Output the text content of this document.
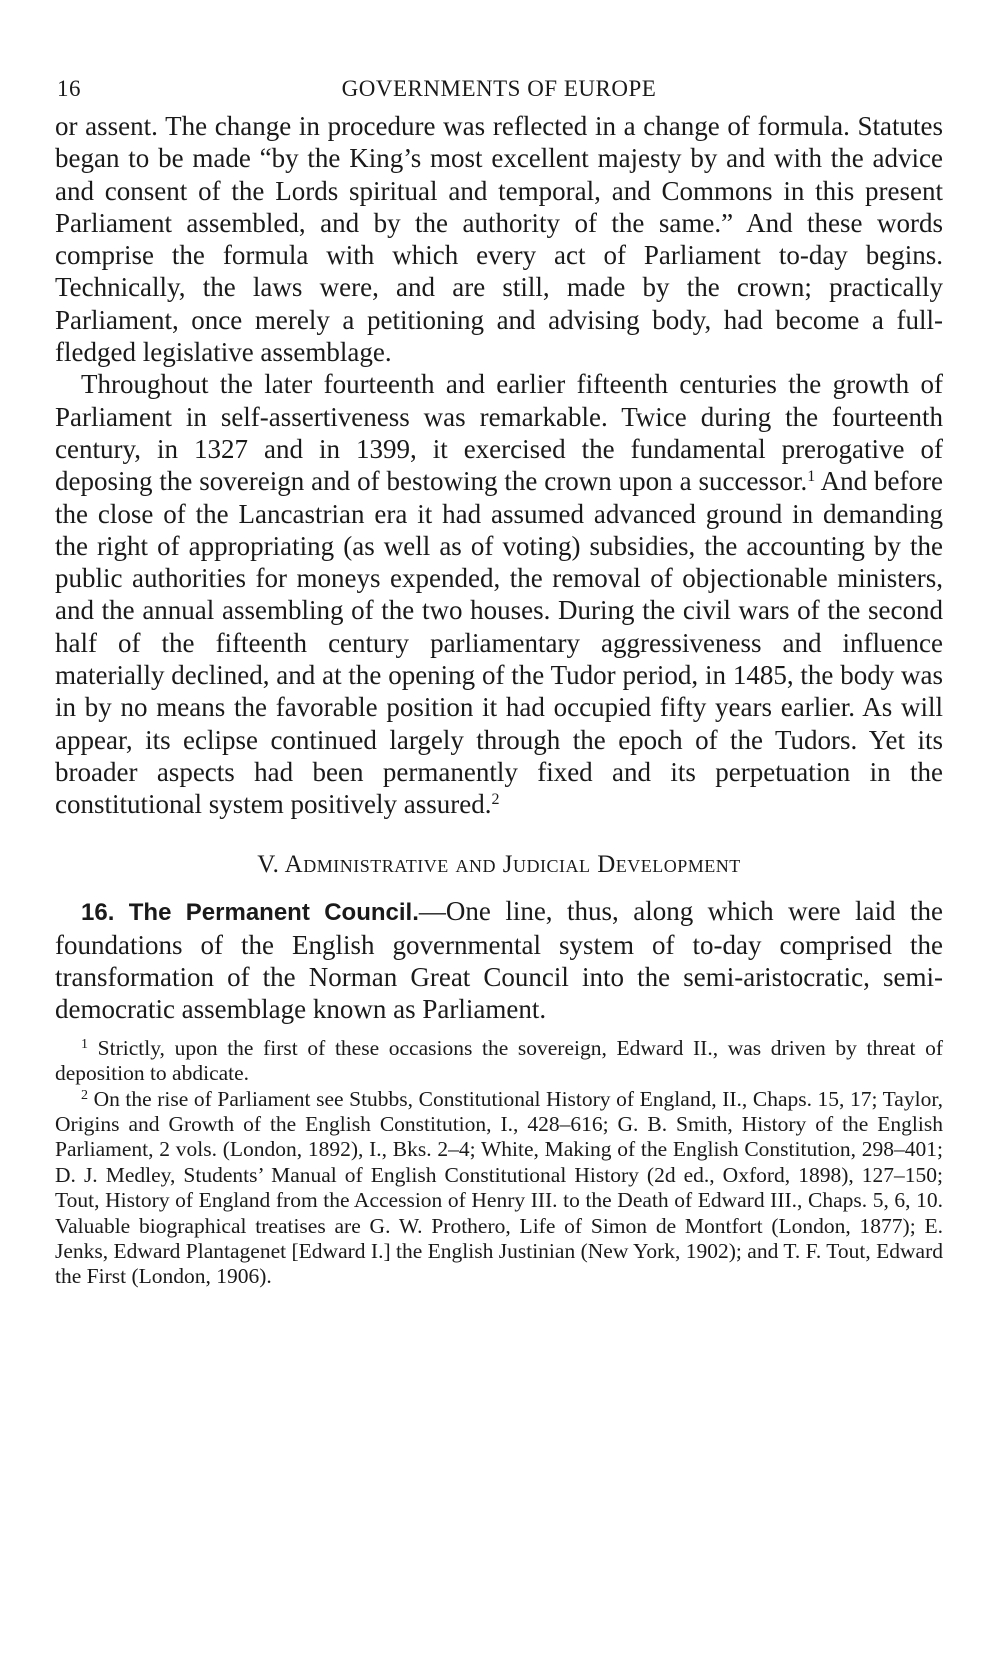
16	GOVERNMENTS OF EUROPE

or assent. The change in procedure was reflected in a change of formula. Statutes began to be made “by the King’s most excellent majesty by and with the advice and consent of the Lords spiritual and temporal, and Commons in this present Parliament assembled, and by the authority of the same.” And these words comprise the formula with which every act of Parliament to-day begins. Technically, the laws were, and are still, made by the crown; practically Parliament, once merely a petitioning and advising body, had become a full-fledged legislative assemblage.

Throughout the later fourteenth and earlier fifteenth centuries the growth of Parliament in self-assertiveness was remarkable. Twice during the fourteenth century, in 1327 and in 1399, it exercised the fundamental prerogative of deposing the sovereign and of bestowing the crown upon a successor.$^1$ And before the close of the Lancastrian era it had assumed advanced ground in demanding the right of appropriating (as well as of voting) subsidies, the accounting by the public authorities for moneys expended, the removal of objectionable ministers, and the annual assembling of the two houses. During the civil wars of the second half of the fifteenth century parliamentary aggressiveness and influence materially declined, and at the opening of the Tudor period, in 1485, the body was in by no means the favorable position it had occupied fifty years earlier. As will appear, its eclipse continued largely through the epoch of the Tudors. Yet its broader aspects had been permanently fixed and its perpetuation in the constitutional system positively assured.$^2$

V. Administrative and Judicial Development

16. The Permanent Council.—One line, thus, along which were laid the foundations of the English governmental system of to-day comprised the transformation of the Norman Great Council into the semi-aristocratic, semi-democratic assemblage known as Parliament.

$^1$ Strictly, upon the first of these occasions the sovereign, Edward II., was driven by threat of deposition to abdicate.

$^2$ On the rise of Parliament see Stubbs, Constitutional History of England, II., Chaps. 15, 17; Taylor, Origins and Growth of the English Constitution, I., 428–616; G. B. Smith, History of the English Parliament, 2 vols. (London, 1892), I., Bks. 2–4; White, Making of the English Constitution, 298–401; D. J. Medley, Students’ Manual of English Constitutional History (2d ed., Oxford, 1898), 127–150; Tout, History of England from the Accession of Henry III. to the Death of Edward III., Chaps. 5, 6, 10. Valuable biographical treatises are G. W. Prothero, Life of Simon de Montfort (London, 1877); E. Jenks, Edward Plantagenet [Edward I.] the English Justinian (New York, 1902); and T. F. Tout, Edward the First (London, 1906).
